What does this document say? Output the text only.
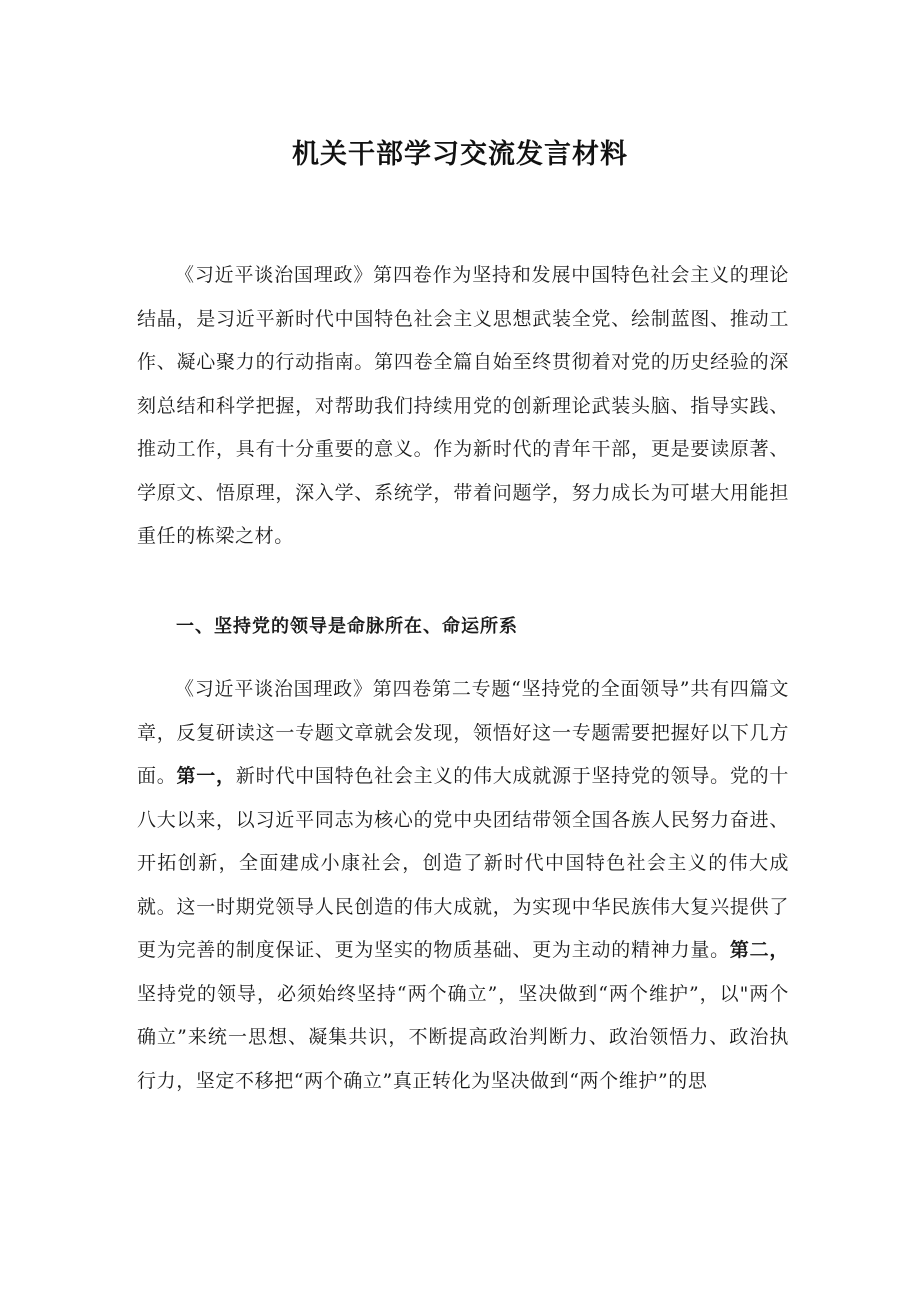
机关干部学习交流发言材料

《习近平谈治国理政》第四卷作为坚持和发展中国特色社会主义的理论结晶，是习近平新时代中国特色社会主义思想武装全党、绘制蓝图、推动工作、凝心聚力的行动指南。第四卷全篇自始至终贯彻着对党的历史经验的深刻总结和科学把握，对帮助我们持续用党的创新理论武装头脑、指导实践、推动工作，具有十分重要的意义。作为新时代的青年干部，更是要读原著、学原文、悟原理，深入学、系统学，带着问题学，努力成长为可堪大用能担重任的栋梁之材。

一、坚持党的领导是命脉所在、命运所系

《习近平谈治国理政》第四卷第二专题“坚持党的全面领导”共有四篇文章，反复研读这一专题文章就会发现，领悟好这一专题需要把握好以下几方面。第一，新时代中国特色社会主义的伟大成就源于坚持党的领导。党的十八大以来，以习近平同志为核心的党中央团结带领全国各族人民努力奋进、开拓创新，全面建成小康社会，创造了新时代中国特色社会主义的伟大成就。这一时期党领导人民创造的伟大成就，为实现中华民族伟大复兴提供了更为完善的制度保证、更为坚实的物质基础、更为主动的精神力量。第二，坚持党的领导，必须始终坚持“两个确立”，坚决做到“两个维护”，以"两个确立”来统一思想、凝集共识，不断提高政治判断力、政治领悟力、政治执行力，坚定不移把“两个确立”真正转化为坚决做到“两个维护”的思
